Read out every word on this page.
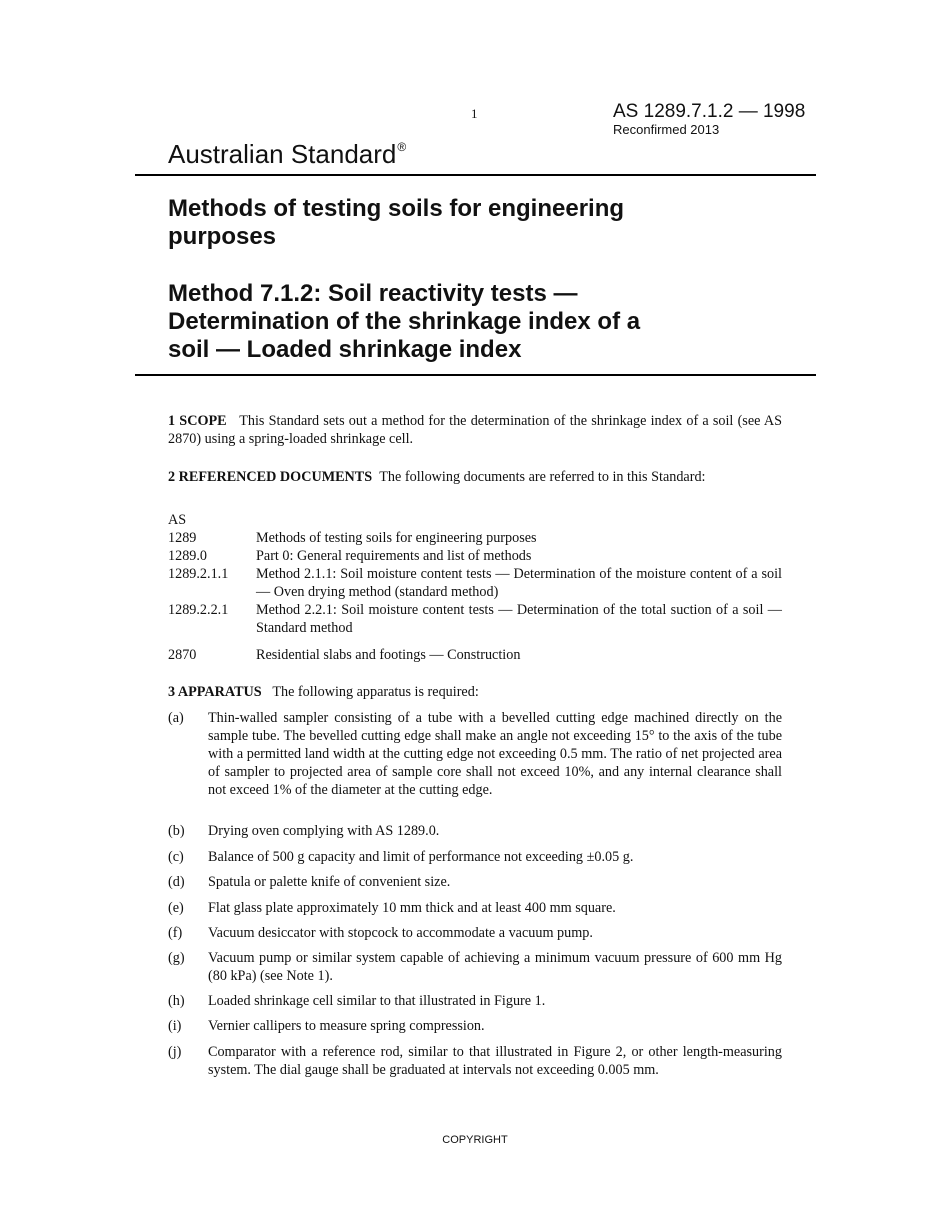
1	AS 1289.7.1.2 — 1998
Reconfirmed 2013
Australian Standard®
Methods of testing soils for engineering
purposes
Method 7.1.2: Soil reactivity tests —
Determination of the shrinkage index of a
soil — Loaded shrinkage index
1 SCOPE This Standard sets out a method for the determination of the shrinkage index of a soil (see AS 2870) using a spring-loaded shrinkage cell.
2 REFERENCED DOCUMENTS The following documents are referred to in this Standard:
AS
1289	Methods of testing soils for engineering purposes
1289.0	Part 0: General requirements and list of methods
1289.2.1.1 Method 2.1.1: Soil moisture content tests — Determination of the moisture content of a soil — Oven drying method (standard method)
1289.2.2.1 Method 2.2.1: Soil moisture content tests — Determination of the total suction of a soil — Standard method
2870	Residential slabs and footings — Construction
3 APPARATUS The following apparatus is required:
(a) Thin-walled sampler consisting of a tube with a bevelled cutting edge machined directly on the sample tube. The bevelled cutting edge shall make an angle not exceeding 15° to the axis of the tube with a permitted land width at the cutting edge not exceeding 0.5 mm. The ratio of net projected area of sampler to projected area of sample core shall not exceed 10%, and any internal clearance shall not exceed 1% of the diameter at the cutting edge.
(b) Drying oven complying with AS 1289.0.
(c) Balance of 500 g capacity and limit of performance not exceeding ±0.05 g.
(d) Spatula or palette knife of convenient size.
(e) Flat glass plate approximately 10 mm thick and at least 400 mm square.
(f) Vacuum desiccator with stopcock to accommodate a vacuum pump.
(g) Vacuum pump or similar system capable of achieving a minimum vacuum pressure of 600 mm Hg (80 kPa) (see Note 1).
(h) Loaded shrinkage cell similar to that illustrated in Figure 1.
(i) Vernier callipers to measure spring compression.
(j) Comparator with a reference rod, similar to that illustrated in Figure 2, or other length-measuring system. The dial gauge shall be graduated at intervals not exceeding 0.005 mm.
COPYRIGHT
